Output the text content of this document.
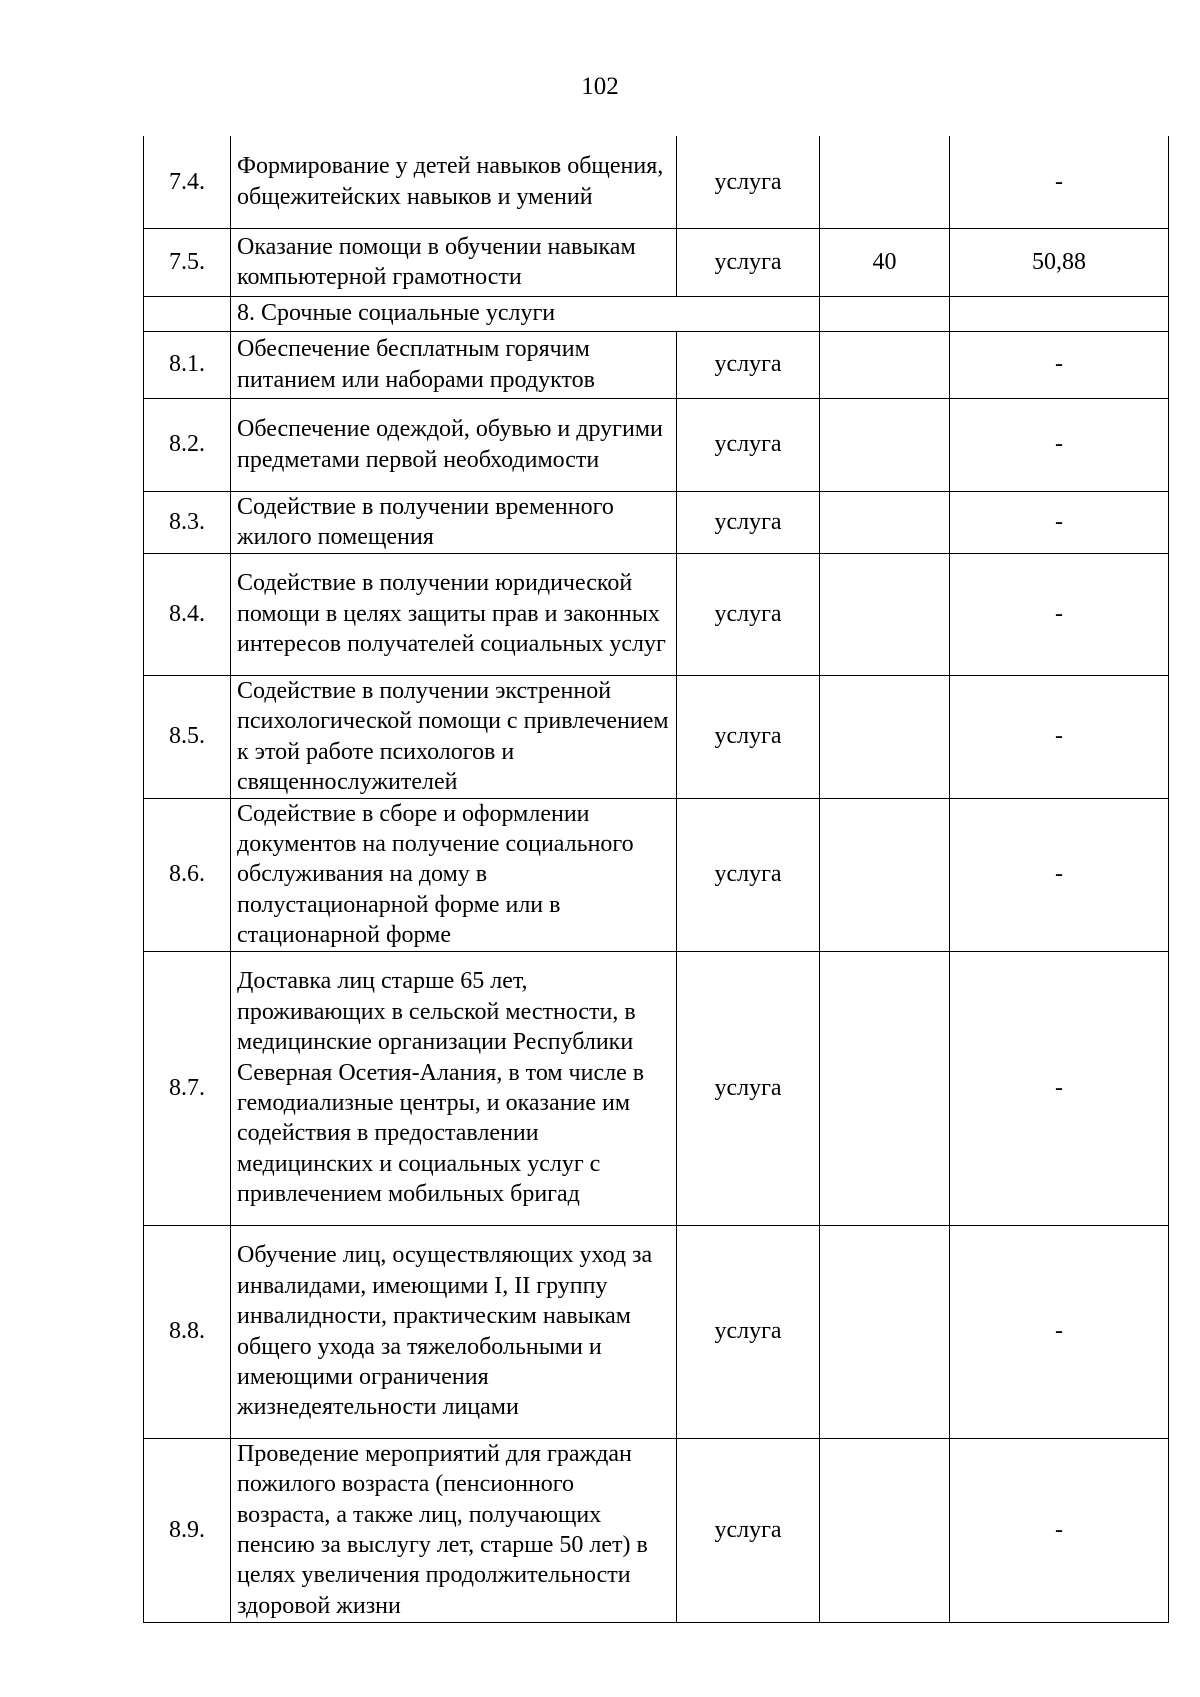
102
7.4.	Формирование у детей навыков общения, общежитейских навыков и умений	услуга		-
7.5.	Оказание помощи в обучении навыкам компьютерной грамотности	услуга	40	50,88
	8. Срочные социальные услуги			
8.1.	Обеспечение бесплатным горячим питанием или наборами продуктов	услуга		-
8.2.	Обеспечение одеждой, обувью и другими предметами первой необходимости	услуга		-
8.3.	Содействие в получении временного жилого помещения	услуга		-
8.4.	Содействие в получении юридической помощи в целях защиты прав и законных интересов получателей социальных услуг	услуга		-
8.5.	Содействие в получении экстренной психологической помощи с привлечением к этой работе психологов и священнослужителей	услуга		-
8.6.	Содействие в сборе и оформлении документов на получение социального обслуживания на дому в полустационарной форме или в стационарной форме	услуга		-
8.7.	Доставка лиц старше 65 лет, проживающих в сельской местности, в медицинские организации Республики Северная Осетия-Алания, в том числе в гемодиализные центры, и оказание им содействия в предоставлении медицинских и социальных услуг с привлечением мобильных бригад	услуга		-
8.8.	Обучение лиц, осуществляющих уход за инвалидами, имеющими I, II группу инвалидности, практическим навыкам общего ухода за тяжелобольными и имеющими ограничения жизнедеятельности лицами	услуга		-
8.9.	Проведение мероприятий для граждан пожилого возраста (пенсионного возраста, а также лиц, получающих пенсию за выслугу лет, старше 50 лет) в целях увеличения продолжительности здоровой жизни	услуга		-
